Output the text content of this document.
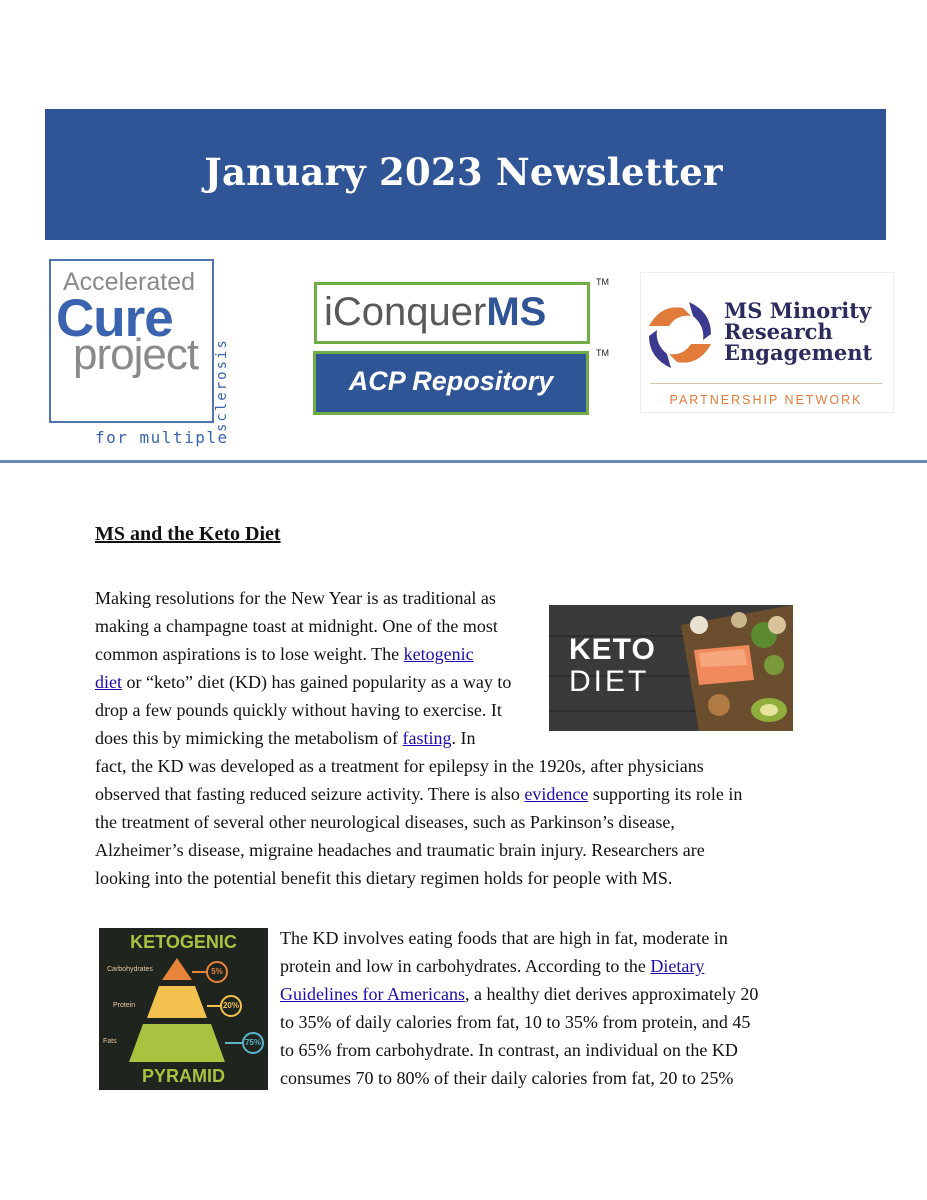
January 2023 Newsletter
Accelerated
Cure
project
for multiple
sclerosis
iConquerMS
TM
ACP Repository
TM
MS Minority
Research
Engagement
PARTNERSHIP NETWORK
MS and the Keto Diet
Making resolutions for the New Year is as traditional as
making a champagne toast at midnight. One of the most
common aspirations is to lose weight. The ketogenic
diet or “keto” diet (KD) has gained popularity as a way to
drop a few pounds quickly without having to exercise. It
does this by mimicking the metabolism of fasting. In
fact, the KD was developed as a treatment for epilepsy in the 1920s, after physicians
observed that fasting reduced seizure activity. There is also evidence supporting its role in
the treatment of several other neurological diseases, such as Parkinson’s disease,
Alzheimer’s disease, migraine headaches and traumatic brain injury. Researchers are
looking into the potential benefit this dietary regimen holds for people with MS.
KETO
DIET
KETOGENIC
Carbohydrates	5%
Protein	20%
Fats	75%
PYRAMID
The KD involves eating foods that are high in fat, moderate in
protein and low in carbohydrates. According to the Dietary
Guidelines for Americans, a healthy diet derives approximately 20
to 35% of daily calories from fat, 10 to 35% from protein, and 45
to 65% from carbohydrate. In contrast, an individual on the KD
consumes 70 to 80% of their daily calories from fat, 20 to 25%
